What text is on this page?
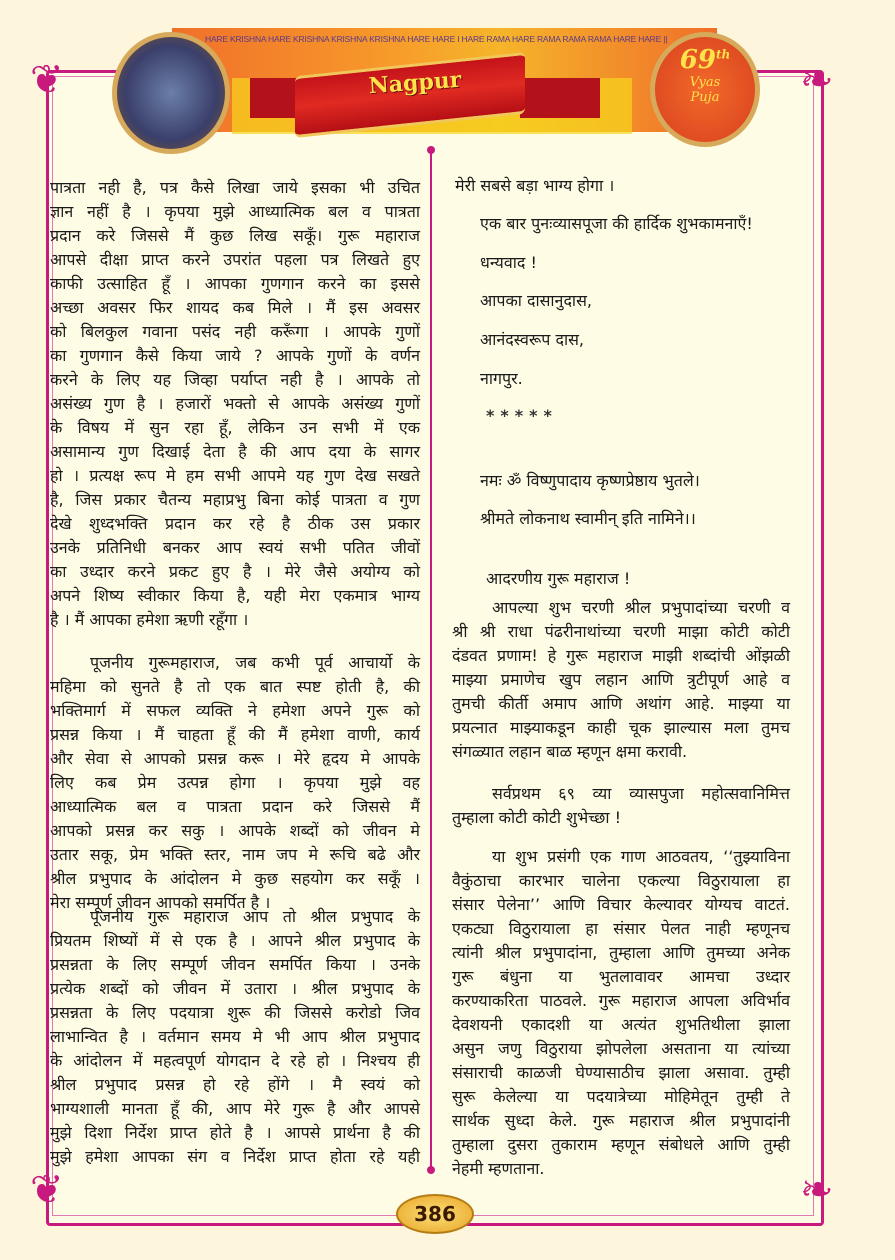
❦	❧
❦	❧
HARE KRISHNA HARE KRISHNA KRISHNA KRISHNA HARE HARE I HARE RAMA HARE RAMA RAMA RAMA HARE HARE ||
Nagpur
69th
Vyas
Puja
पात्रता नही है, पत्र कैसे लिखा जाये इसका भी उचित
ज्ञान नहीं है । कृपया मुझे आध्यात्मिक बल व पात्रता
प्रदान करे जिससे मैं कुछ लिख सकूँ। गुरू महाराज
आपसे दीक्षा प्राप्त करने उपरांत पहला पत्र लिखते हुए
काफी उत्साहित हूँ । आपका गुणगान करने का इससे
अच्छा अवसर फिर शायद कब मिले । मैं इस अवसर
को बिलकुल गवाना पसंद नही करूँगा । आपके गुणों
का गुणगान कैसे किया जाये ? आपके गुणों के वर्णन
करने के लिए यह जिव्हा पर्याप्त नही है । आपके तो
असंख्य गुण है । हजारों भक्तो से आपके असंख्य गुणों
के विषय में सुन रहा हूँ, लेकिन उन सभी में एक
असामान्य गुण दिखाई देता है की आप दया के सागर
हो । प्रत्यक्ष रूप मे हम सभी आपमे यह गुण देख सखते
है, जिस प्रकार चैतन्य महाप्रभु बिना कोई पात्रता व गुण
देखे शुध्दभक्ति प्रदान कर रहे है ठीक उस प्रकार
उनके प्रतिनिधी बनकर आप स्वयं सभी पतित जीवों
का उध्दार करने प्रकट हुए है । मेरे जैसे अयोग्य को
अपने शिष्य स्वीकार किया है, यही मेरा एकमात्र भाग्य
है । मैं आपका हमेशा ऋणी रहूँगा ।
पूजनीय गुरूमहाराज, जब कभी पूर्व आचार्यो के
महिमा को सुनते है तो एक बात स्पष्ट होती है, की
भक्तिमार्ग में सफल व्यक्ति ने हमेशा अपने गुरू को
प्रसन्न किया । मैं चाहता हूँ की मैं हमेशा वाणी, कार्य
और सेवा से आपको प्रसन्न करू । मेरे हृदय मे आपके
लिए कब प्रेम उत्पन्न होगा । कृपया मुझे वह
आध्यात्मिक बल व पात्रता प्रदान करे जिससे मैं
आपको प्रसन्न कर सकु । आपके शब्दों को जीवन मे
उतार सकू, प्रेम भक्ति स्तर, नाम जप मे रूचि बढे और
श्रील प्रभुपाद के आंदोलन मे कुछ सहयोग कर सकूँ ।
मेरा सम्पूर्ण जीवन आपको समर्पित है ।
पूजनीय गुरू महाराज आप तो श्रील प्रभुपाद के
प्रियतम शिष्यों में से एक है । आपने श्रील प्रभुपाद के
प्रसन्नता के लिए सम्पूर्ण जीवन समर्पित किया । उनके
प्रत्येक शब्दों को जीवन में उतारा । श्रील प्रभुपाद के
प्रसन्नता के लिए पदयात्रा शुरू की जिससे करोडो जिव
लाभान्वित है । वर्तमान समय मे भी आप श्रील प्रभुपाद
के आंदोलन में महत्वपूर्ण योगदान दे रहे हो । निश्चय ही
श्रील प्रभुपाद प्रसन्न हो रहे होंगे । मै स्वयं को
भाग्यशाली मानता हूँ की, आप मेरे गुरू है और आपसे
मुझे दिशा निर्देश प्राप्त होते है । आपसे प्रार्थना है की
मुझे हमेशा आपका संग व निर्देश प्राप्त होता रहे यही
मेरी सबसे बड़ा भाग्य होगा ।
एक बार पुनःव्यासपूजा की हार्दिक शुभकामनाएँ!
धन्यवाद !
आपका दासानुदास,
आनंदस्वरूप दास,
नागपुर.
*****
नमः ॐ विष्णुपादाय कृष्णप्रेष्ठाय भुतले।
श्रीमते लोकनाथ स्वामीन् इति नामिने।।
आदरणीय गुरू महाराज !
आपल्या शुभ चरणी श्रील प्रभुपादांच्या चरणी व
श्री श्री राधा पंढरीनाथांच्या चरणी माझा कोटी कोटी
दंडवत प्रणाम! हे गुरू महाराज माझी शब्दांची ओंझळी
माझ्या प्रमाणेच खुप लहान आणि त्रुटीपूर्ण आहे व
तुमची कीर्ती अमाप आणि अथांग आहे. माझ्या या
प्रयत्नात माझ्याकडून काही चूक झाल्यास मला तुमच
संगळ्यात लहान बाळ म्हणून क्षमा करावी.
सर्वप्रथम ६९ व्या व्यासपुजा महोत्सवानिमित्त
तुम्हाला कोटी कोटी शुभेच्छा !
या शुभ प्रसंगी एक गाण आठवतय, ‘‘तुझ्याविना
वैकुंठाचा कारभार चालेना एकल्या विठुरायाला हा
संसार पेलेना’’ आणि विचार केल्यावर योग्यच वाटतं.
एकट्या विठुरायाला हा संसार पेलत नाही म्हणूनच
त्यांनी श्रील प्रभुपादांना, तुम्हाला आणि तुमच्या अनेक
गुरू बंधुना या भुतलावावर आमचा उध्दार
करण्याकरिता पाठवले. गुरू महाराज आपला अविर्भाव
देवशयनी एकादशी या अत्यंत शुभतिथीला झाला
असुन जणु विठुराया झोपलेला असताना या त्यांच्या
संसाराची काळजी घेण्यासाठीच झाला असावा. तुम्ही
सुरू केलेल्या या पदयात्रेच्या मोहिमेतून तुम्ही ते
सार्थक सुध्दा केले. गुरू महाराज श्रील प्रभुपादांनी
तुम्हाला दुसरा तुकाराम म्हणून संबोधले आणि तुम्ही
नेहमी म्हणताना.
386
